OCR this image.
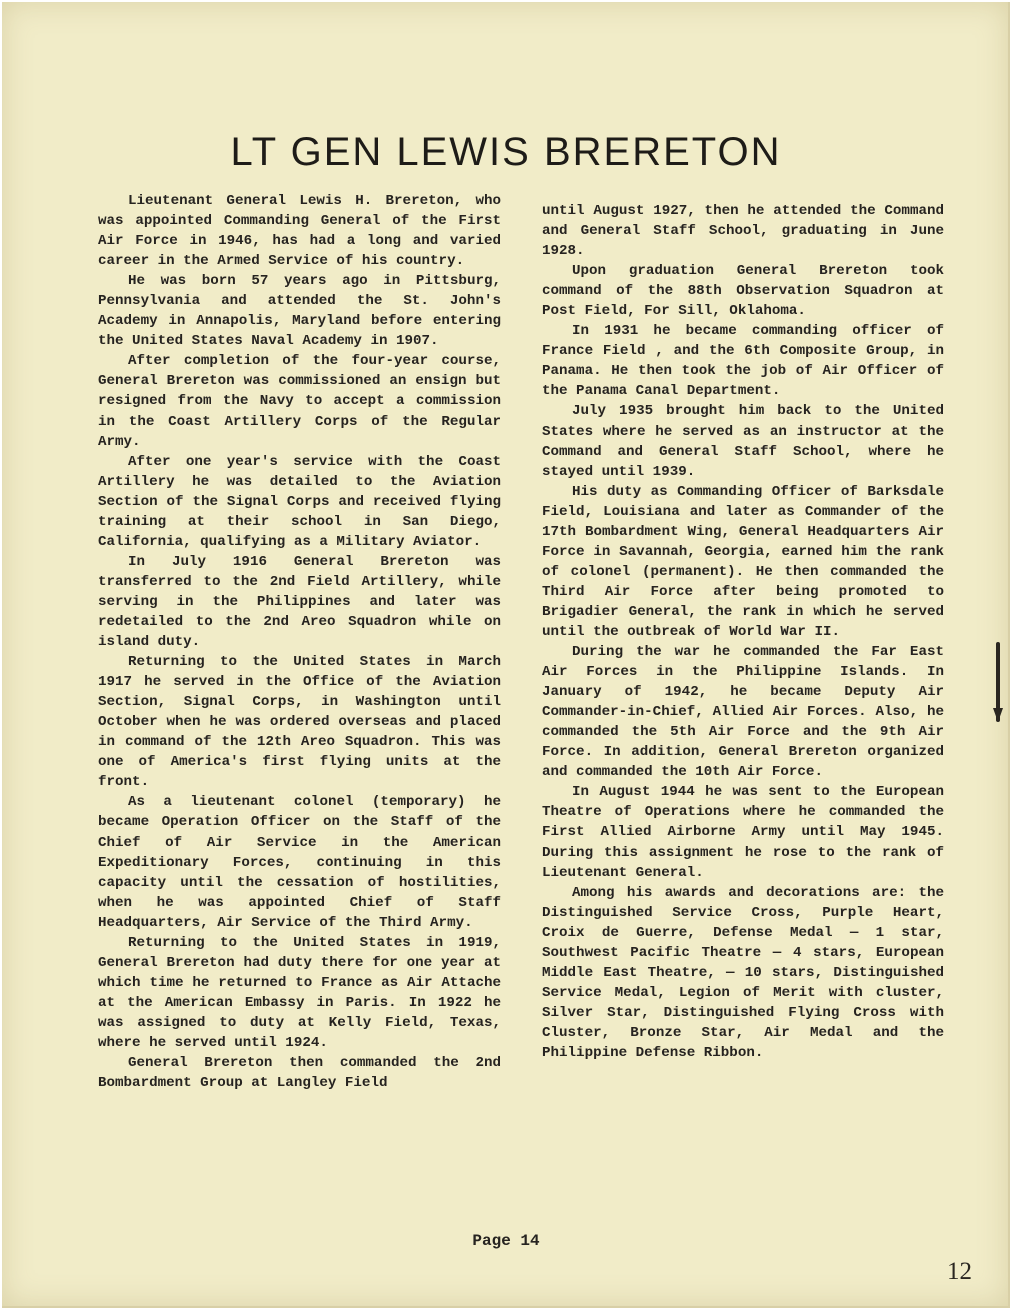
LT GEN LEWIS BRERETON

Lieutenant General Lewis H. Brereton, who was appointed Commanding General of the First Air Force in 1946, has had a long and varied career in the Armed Service of his country.

He was born 57 years ago in Pittsburg, Pennsylvania and attended the St. John's Academy in Annapolis, Maryland before entering the United States Naval Academy in 1907.

After completion of the four-year course, General Brereton was commissioned an ensign but resigned from the Navy to accept a commission in the Coast Artillery Corps of the Regular Army.

After one year's service with the Coast Artillery he was detailed to the Aviation Section of the Signal Corps and received flying training at their school in San Diego, California, qualifying as a Military Aviator.

In July 1916 General Brereton was transferred to the 2nd Field Artillery, while serving in the Philippines and later was redetailed to the 2nd Areo Squadron while on island duty.

Returning to the United States in March 1917 he served in the Office of the Aviation Section, Signal Corps, in Washington until October when he was ordered overseas and placed in command of the 12th Areo Squadron. This was one of America's first flying units at the front.

As a lieutenant colonel (temporary) he became Operation Officer on the Staff of the Chief of Air Service in the American Expeditionary Forces, continuing in this capacity until the cessation of hostilities, when he was appointed Chief of Staff Headquarters, Air Service of the Third Army.

Returning to the United States in 1919, General Brereton had duty there for one year at which time he returned to France as Air Attache at the American Embassy in Paris. In 1922 he was assigned to duty at Kelly Field, Texas, where he served until 1924.

General Brereton then commanded the 2nd Bombardment Group at Langley Field

until August 1927, then he attended the Command and General Staff School, graduating in June 1928.

Upon graduation General Brereton took command of the 88th Observation Squadron at Post Field, For Sill, Oklahoma.

In 1931 he became commanding officer of France Field , and the 6th Composite Group, in Panama. He then took the job of Air Officer of the Panama Canal Department.

July 1935 brought him back to the United States where he served as an instructor at the Command and General Staff School, where he stayed until 1939.

His duty as Commanding Officer of Barksdale Field, Louisiana and later as Commander of the 17th Bombardment Wing, General Headquarters Air Force in Savannah, Georgia, earned him the rank of colonel (permanent). He then commanded the Third Air Force after being promoted to Brigadier General, the rank in which he served until the outbreak of World War II.

During the war he commanded the Far East Air Forces in the Philippine Islands. In January of 1942, he became Deputy Air Commander-in-Chief, Allied Air Forces. Also, he commanded the 5th Air Force and the 9th Air Force. In addition, General Brereton organized and commanded the 10th Air Force.

In August 1944 he was sent to the European Theatre of Operations where he commanded the First Allied Airborne Army until May 1945. During this assignment he rose to the rank of Lieutenant General.

Among his awards and decorations are: the Distinguished Service Cross, Purple Heart, Croix de Guerre, Defense Medal — 1 star, Southwest Pacific Theatre — 4 stars, European Middle East Theatre, — 10 stars, Distinguished Service Medal, Legion of Merit with cluster, Silver Star, Distinguished Flying Cross with Cluster, Bronze Star, Air Medal and the Philippine Defense Ribbon.

Page 14
12
